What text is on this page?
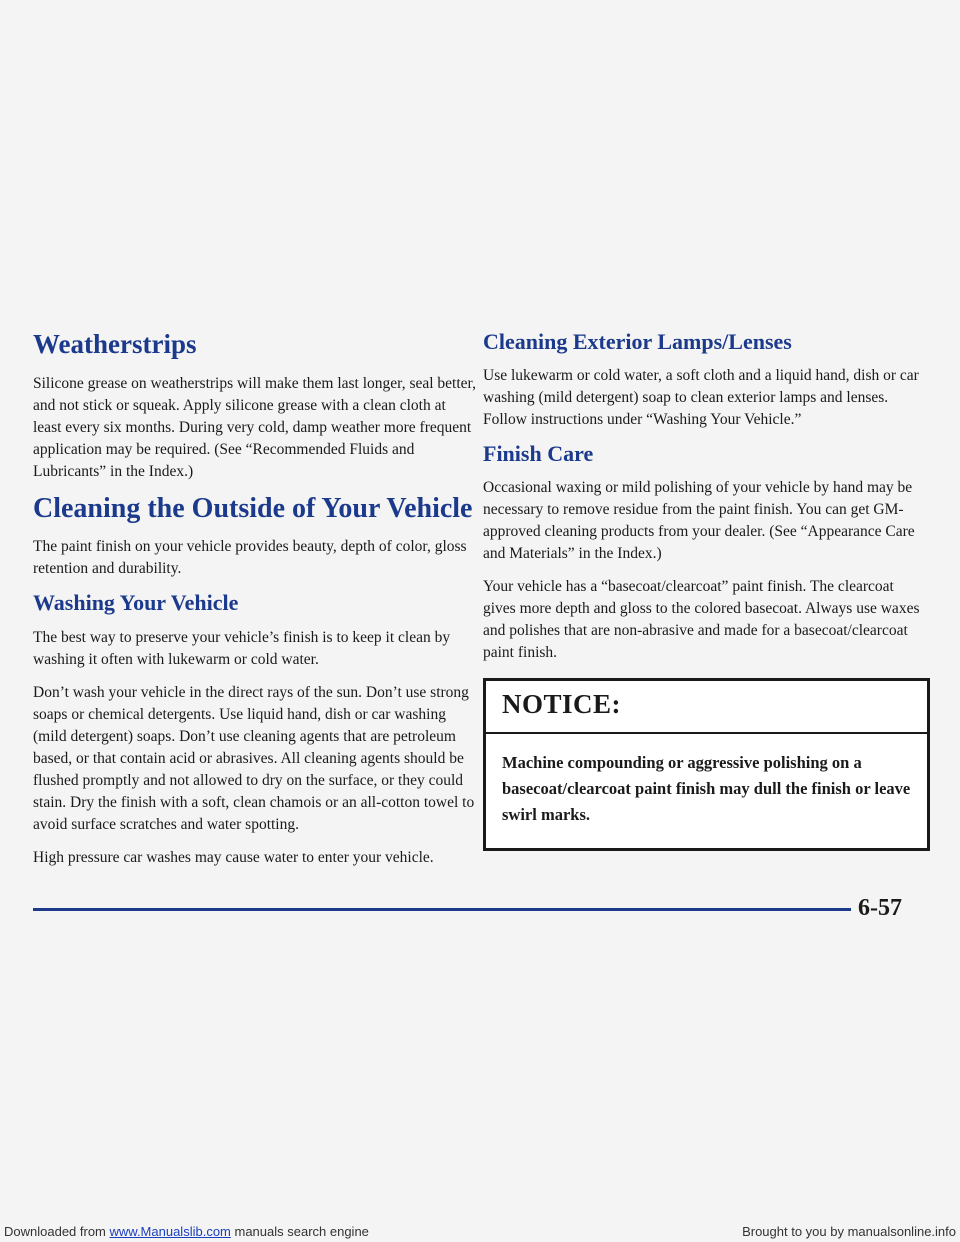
Weatherstrips

Silicone grease on weatherstrips will make them last longer, seal better, and not stick or squeak. Apply silicone grease with a clean cloth at least every six months. During very cold, damp weather more frequent application may be required. (See “Recommended Fluids and Lubricants” in the Index.)

Cleaning the Outside of Your Vehicle

The paint finish on your vehicle provides beauty, depth of color, gloss retention and durability.

Washing Your Vehicle

The best way to preserve your vehicle’s finish is to keep it clean by washing it often with lukewarm or cold water.

Don’t wash your vehicle in the direct rays of the sun. Don’t use strong soaps or chemical detergents. Use liquid hand, dish or car washing (mild detergent) soaps. Don’t use cleaning agents that are petroleum based, or that contain acid or abrasives. All cleaning agents should be flushed promptly and not allowed to dry on the surface, or they could stain. Dry the finish with a soft, clean chamois or an all-cotton towel to avoid surface scratches and water spotting.

High pressure car washes may cause water to enter your vehicle.

Cleaning Exterior Lamps/Lenses

Use lukewarm or cold water, a soft cloth and a liquid hand, dish or car washing (mild detergent) soap to clean exterior lamps and lenses. Follow instructions under “Washing Your Vehicle.”

Finish Care

Occasional waxing or mild polishing of your vehicle by hand may be necessary to remove residue from the paint finish. You can get GM-approved cleaning products from your dealer. (See “Appearance Care and Materials” in the Index.)

Your vehicle has a “basecoat/clearcoat” paint finish. The clearcoat gives more depth and gloss to the colored basecoat. Always use waxes and polishes that are non-abrasive and made for a basecoat/clearcoat paint finish.

NOTICE:
Machine compounding or aggressive polishing on a basecoat/clearcoat paint finish may dull the finish or leave swirl marks.
6-57
Downloaded from www.Manualslib.com manuals search engine	Brought to you by manualsonline.info
